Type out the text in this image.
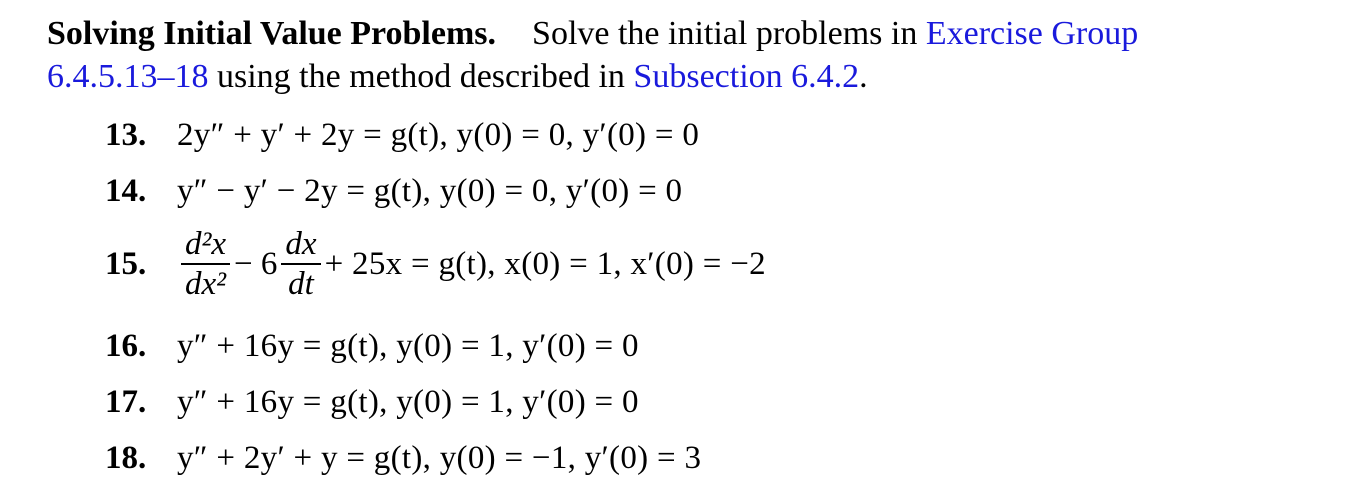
Solving Initial Value Problems. Solve the initial problems in Exercise Group 6.4.5.13–18 using the method described in Subsection 6.4.2.
13. 2y″ + y′ + 2y = g(t), y(0) = 0, y′(0) = 0
14. y″ − y′ − 2y = g(t), y(0) = 0, y′(0) = 0
15. $\frac{\text{d²x}}{\text{dx²}} - 6 \frac{dx}{dt} + 25x = g(t)$, x(0) = 1, x′(0) = −2
16. y″ + 16y = g(t), y(0) = 1, y′(0) = 0
17. y″ + 16y = g(t), y(0) = 1, y′(0) = 0
18. y″ + 2y′ + y = g(t), y(0) = −1, y′(0) = 3
